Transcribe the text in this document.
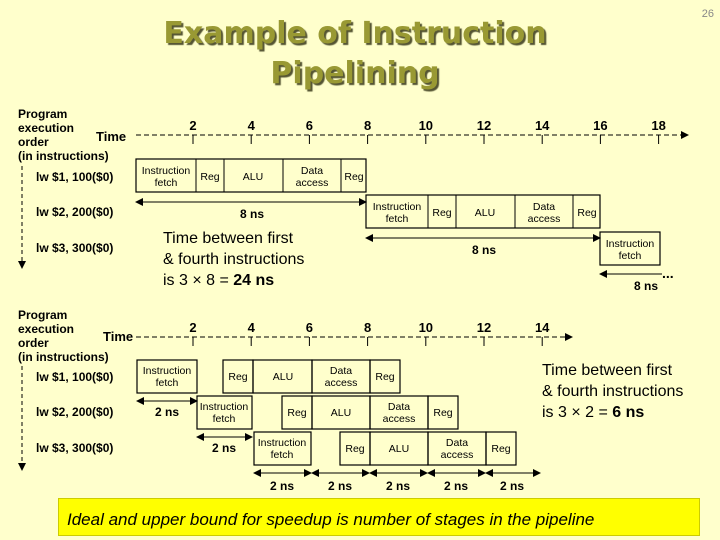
Example of Instruction
Pipelining
26
Program
execution
order
(in instructions)
Time
2	4	6	8	10	12	14	16	18
lw $1, 100($0)
lw $2, 200($0)
lw $3, 300($0)
Instruction
fetch Reg ALU	Data
access Reg
8 ns	Instruction
fetch Reg ALU	Data
access Reg
8 ns	Instruction
fetch
...
8 ns
Program
execution
order
(in instructions)
Time
2	4	6	8	10	12	14
lw $1, 100($0)
lw $2, 200($0)
lw $3, 300($0)
Instruction
fetch	Reg ALU	Data
access Reg
2 ns Instruction
fetch	Reg ALU	Data
access Reg
2 ns Instruction
fetch	Reg ALU	Data
access Reg
2 ns	2 ns	2 ns	2 ns	2 ns
Time between first
& fourth instructions
is 3 × 8 = 24 ns
Time between first
& fourth instructions
is 3 × 2 = 6 ns
Ideal and upper bound for speedup is number of stages in the pipeline
